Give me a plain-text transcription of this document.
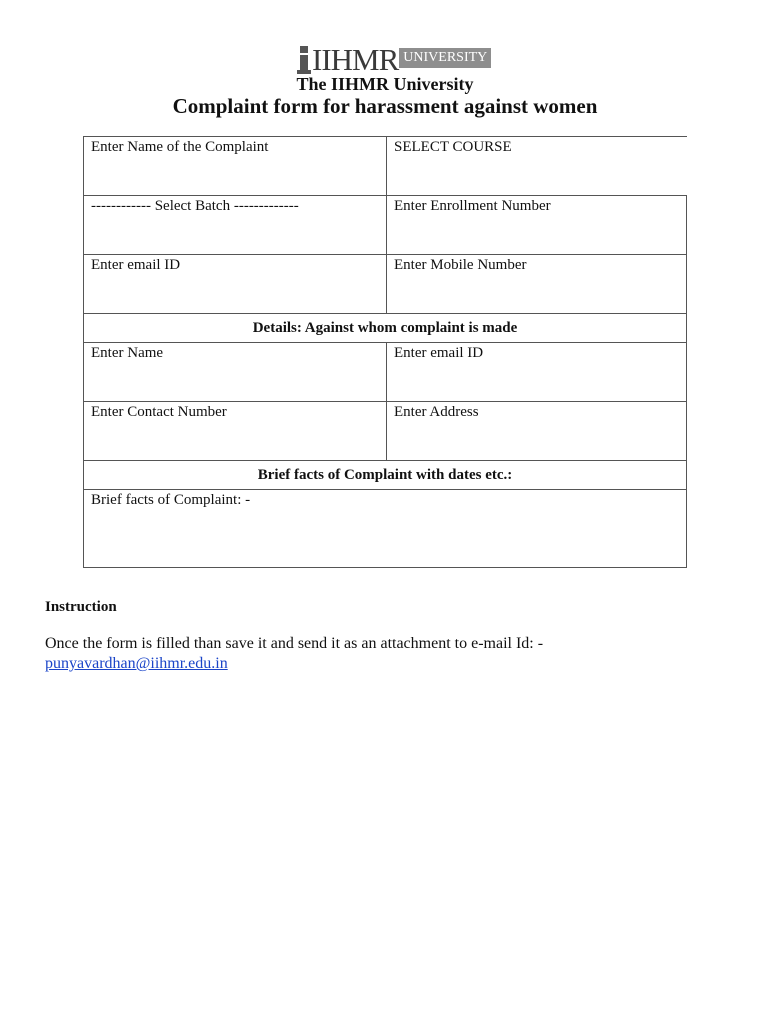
IIHMR UNIVERSITY
The IIHMR University
Complaint form for harassment against women
Enter Name of the Complaint	SELECT COURSE
------------ Select Batch -------------	Enter Enrollment Number
Enter email ID	Enter Mobile Number
Details: Against whom complaint is made	
Enter Name	Enter email ID
Enter Contact Number	Enter Address
Brief facts of Complaint with dates etc.:	
Brief facts of Complaint: -	
Instruction
Once the form is filled than save it and send it as an attachment to e-mail Id: -
punyavardhan@iihmr.edu.in
